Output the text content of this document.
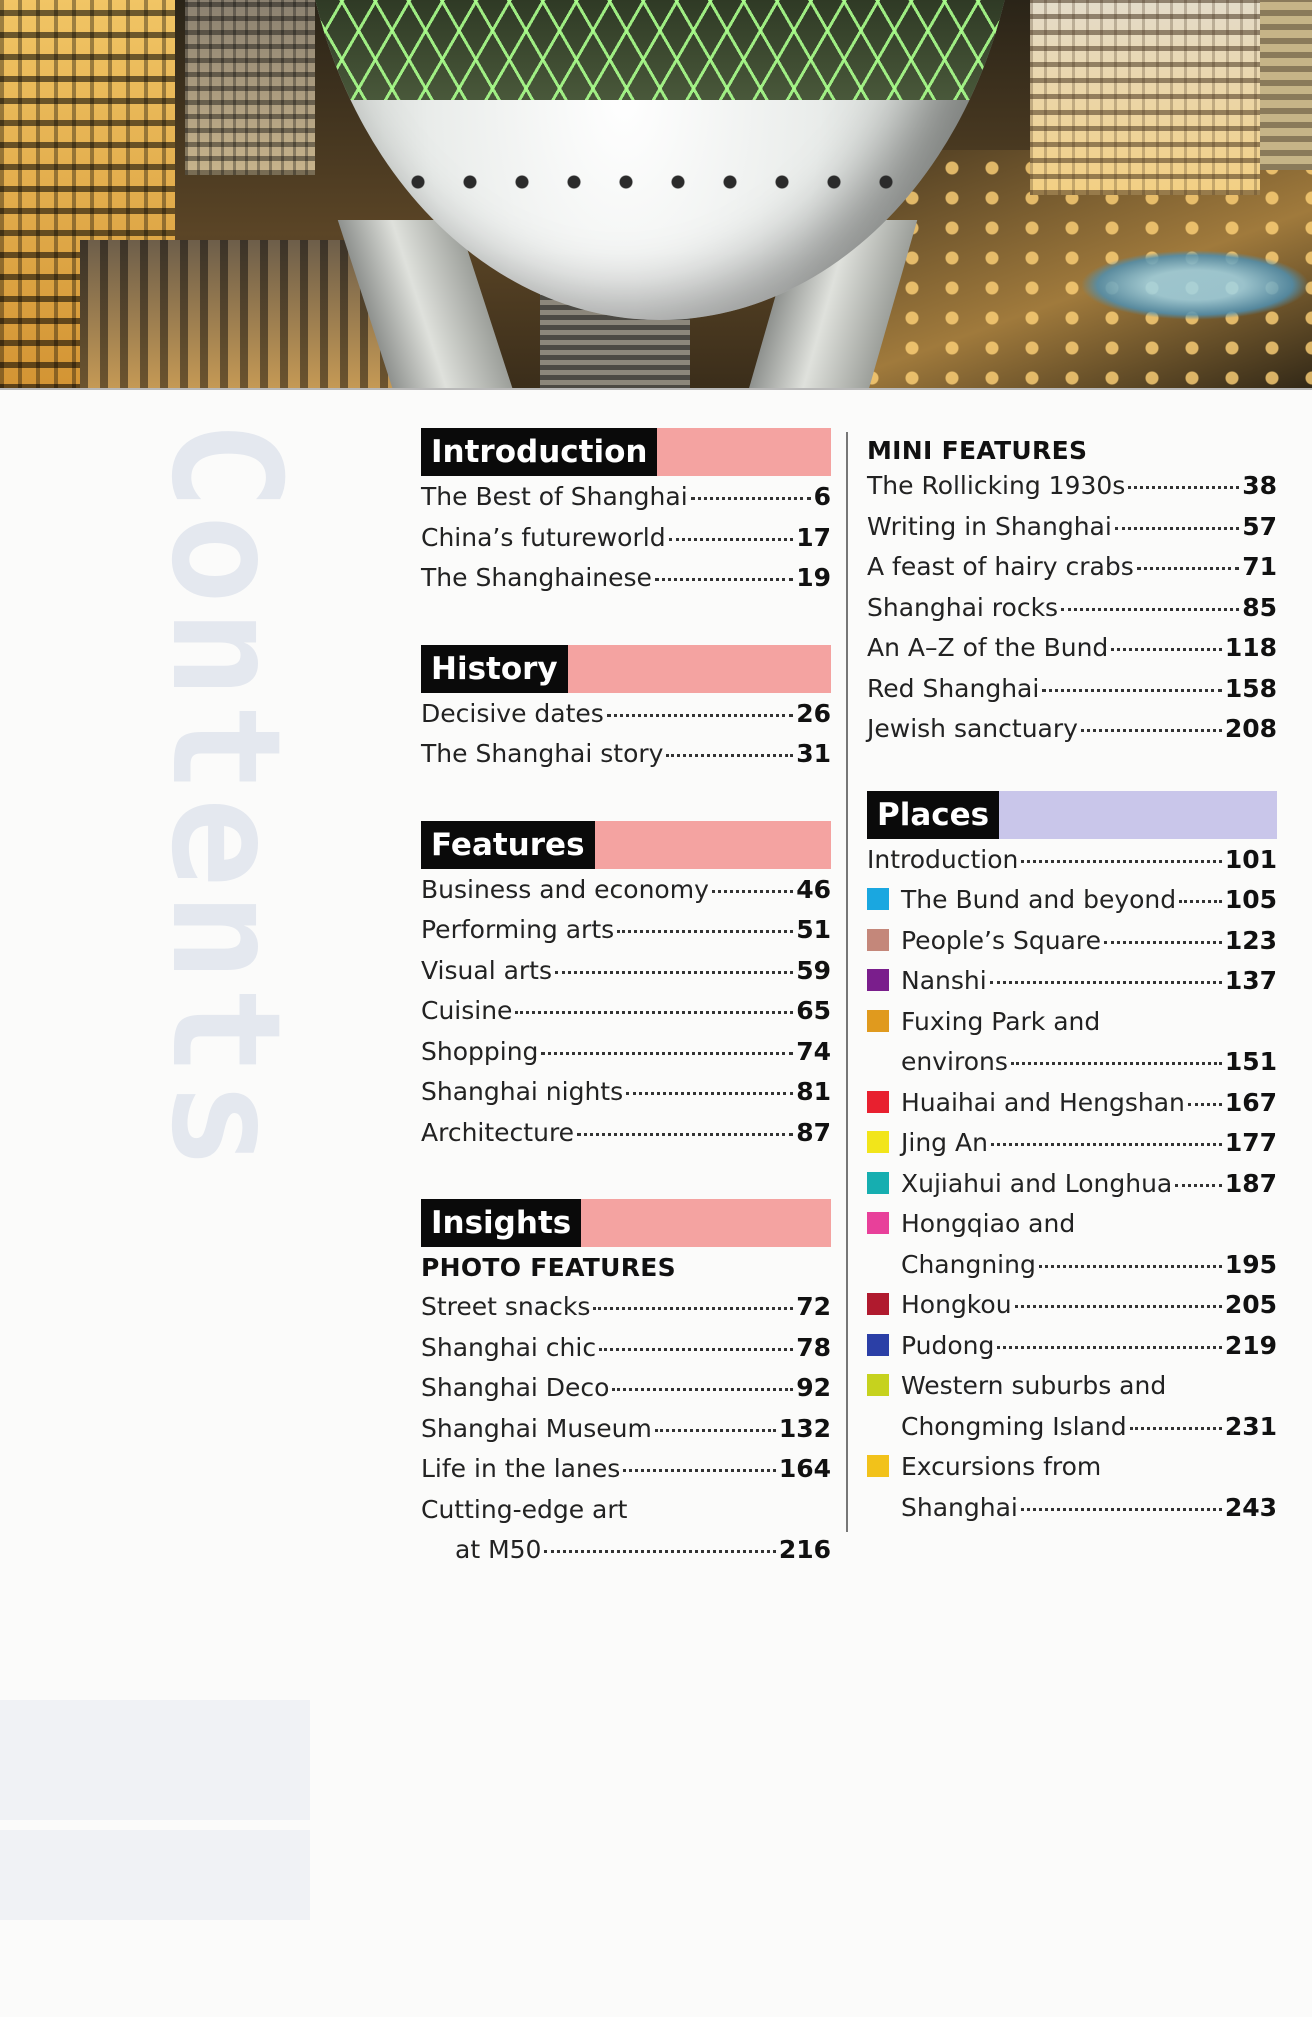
Contents	Introduction
The Best of Shanghai	6
China’s futureworld	17
The Shanghainese	19
History
Decisive dates	26
The Shanghai story	31
Features
Business and economy	46
Performing arts	51
Visual arts	59
Cuisine	65
Shopping	74
Shanghai nights	81
Architecture	87
Insights
PHOTO FEATURES
Street snacks	72
Shanghai chic	78
Shanghai Deco	92
Shanghai Museum	132
Life in the lanes	164
Cutting-edge art
at M50	216
MINI FEATURES
The Rollicking 1930s	38
Writing in Shanghai	57
A feast of hairy crabs	71
Shanghai rocks	85
An A–Z of the Bund	118
Red Shanghai	158
Jewish sanctuary	208
Places
Introduction	101
The Bund and beyond 105
People’s Square	123
Nanshi	137
Fuxing Park and
environs	151
Huaihai and Hengshan 167
Jing An	177
Xujiahui and Longhua 187
Hongqiao and
Changning	195
Hongkou	205
Pudong	219
Western suburbs and
Chongming Island	231
Excursions from
Shanghai	243
